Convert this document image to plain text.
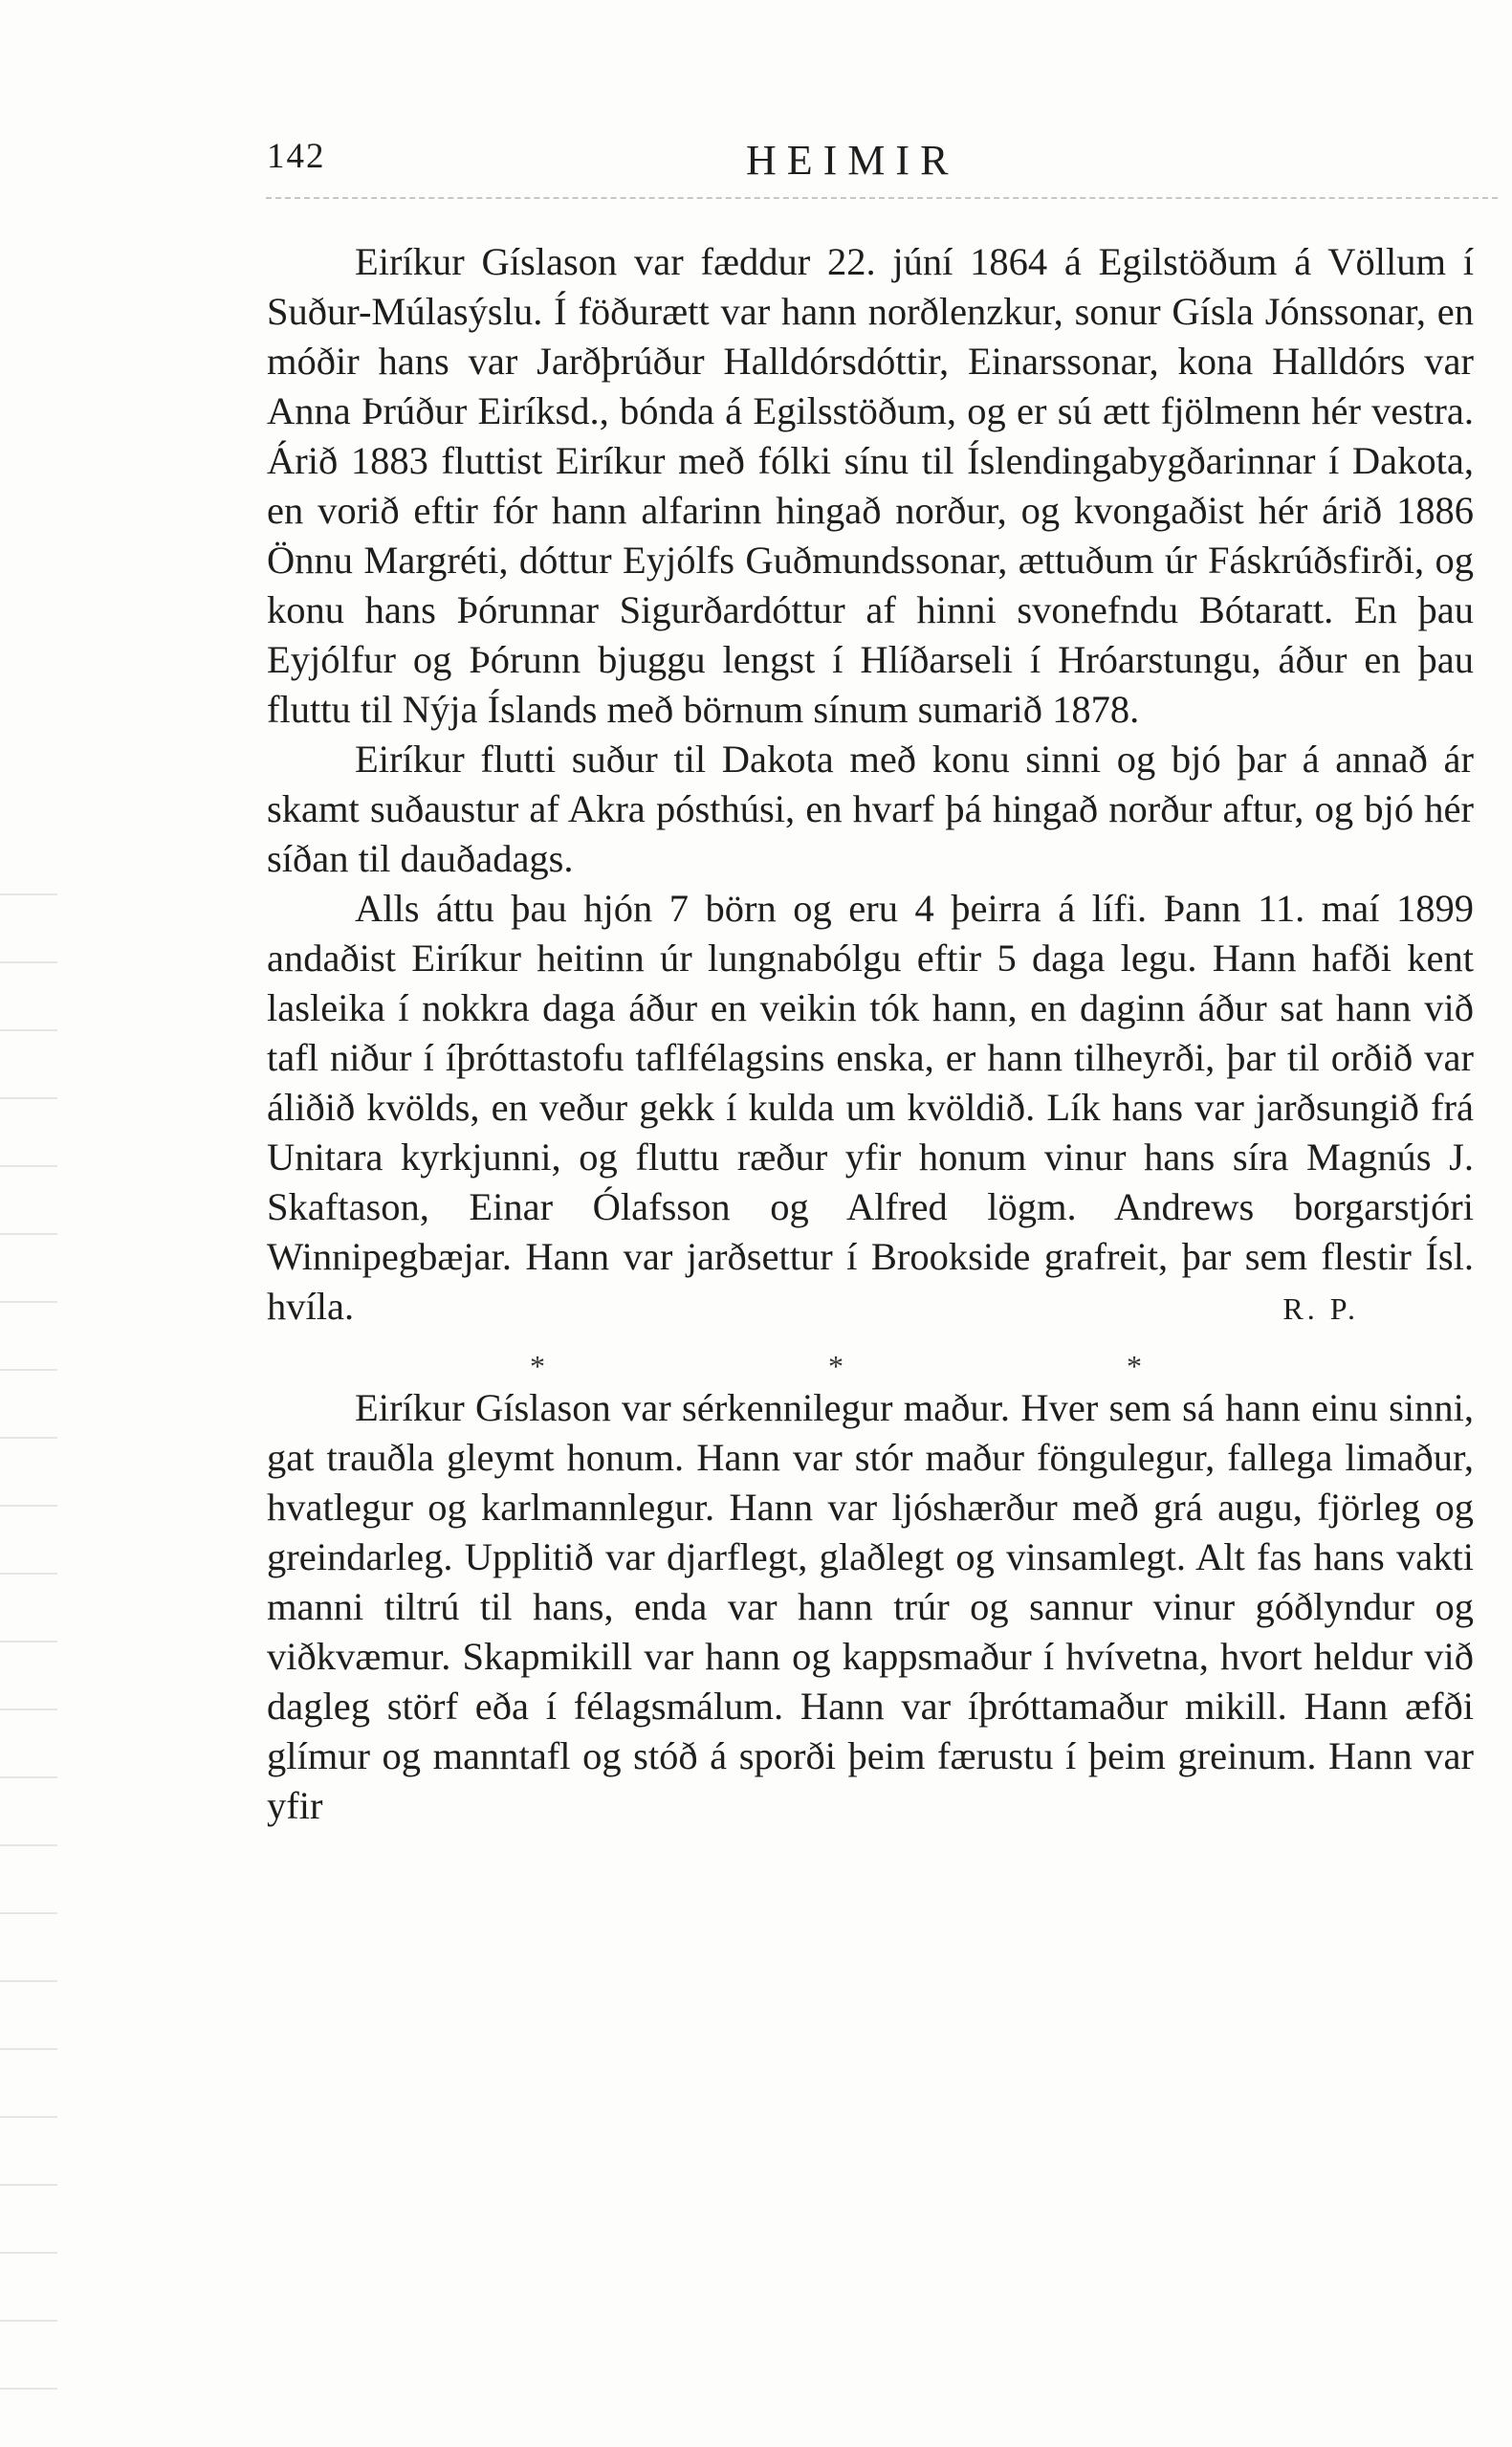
142	HEIMIR

Eiríkur Gíslason var fæddur 22. júní 1864 á Egilstöðum á Völlum í Suður-Múlasýslu. Í föðurætt var hann norðlenzkur, sonur Gísla Jónssonar, en móðir hans var Jarðþrúður Halldórsdóttir, Einarssonar, kona Halldórs var Anna Þrúður Eiríksd., bónda á Egilsstöðum, og er sú ætt fjölmenn hér vestra. Árið 1883 fluttist Eiríkur með fólki sínu til Íslendingabygðarinnar í Dakota, en vorið eftir fór hann alfarinn hingað norður, og kvongaðist hér árið 1886 Önnu Margréti, dóttur Eyjólfs Guðmundssonar, ættuðum úr Fáskrúðsfirði, og konu hans Þórunnar Sigurðardóttur af hinni svonefndu Bótaratt. En þau Eyjólfur og Þórunn bjuggu lengst í Hlíðarseli í Hróarstungu, áður en þau fluttu til Nýja Íslands með börnum sínum sumarið 1878.

Eiríkur flutti suður til Dakota með konu sinni og bjó þar á annað ár skamt suðaustur af Akra pósthúsi, en hvarf þá hingað norður aftur, og bjó hér síðan til dauðadags.

Alls áttu þau hjón 7 börn og eru 4 þeirra á lífi. Þann 11. maí 1899 andaðist Eiríkur heitinn úr lungnabólgu eftir 5 daga legu. Hann hafði kent lasleika í nokkra daga áður en veikin tók hann, en daginn áður sat hann við tafl niður í íþróttastofu taflfélagsins enska, er hann tilheyrði, þar til orðið var áliðið kvölds, en veður gekk í kulda um kvöldið. Lík hans var jarðsungið frá Unitara kyrkjunni, og fluttu ræður yfir honum vinur hans síra Magnús J. Skaftason, Einar Ólafsson og Alfred lögm. Andrews borgarstjóri Winnipegbæjar. Hann var jarðsettur í Brookside grafreit, þar sem flestir Ísl. hvíla.	R. P.

*	*	*

Eiríkur Gíslason var sérkennilegur maður. Hver sem sá hann einu sinni, gat trauðla gleymt honum. Hann var stór maður föngulegur, fallega limaður, hvatlegur og karlmannlegur. Hann var ljóshærður með grá augu, fjörleg og greindarleg. Upplitið var djarflegt, glaðlegt og vinsamlegt. Alt fas hans vakti manni tiltrú til hans, enda var hann trúr og sannur vinur góðlyndur og viðkvæmur. Skapmikill var hann og kappsmaður í hvívetna, hvort heldur við dagleg störf eða í félagsmálum. Hann var íþróttamaður mikill. Hann æfði glímur og manntafl og stóð á sporði þeim færustu í þeim greinum. Hann var yfir
